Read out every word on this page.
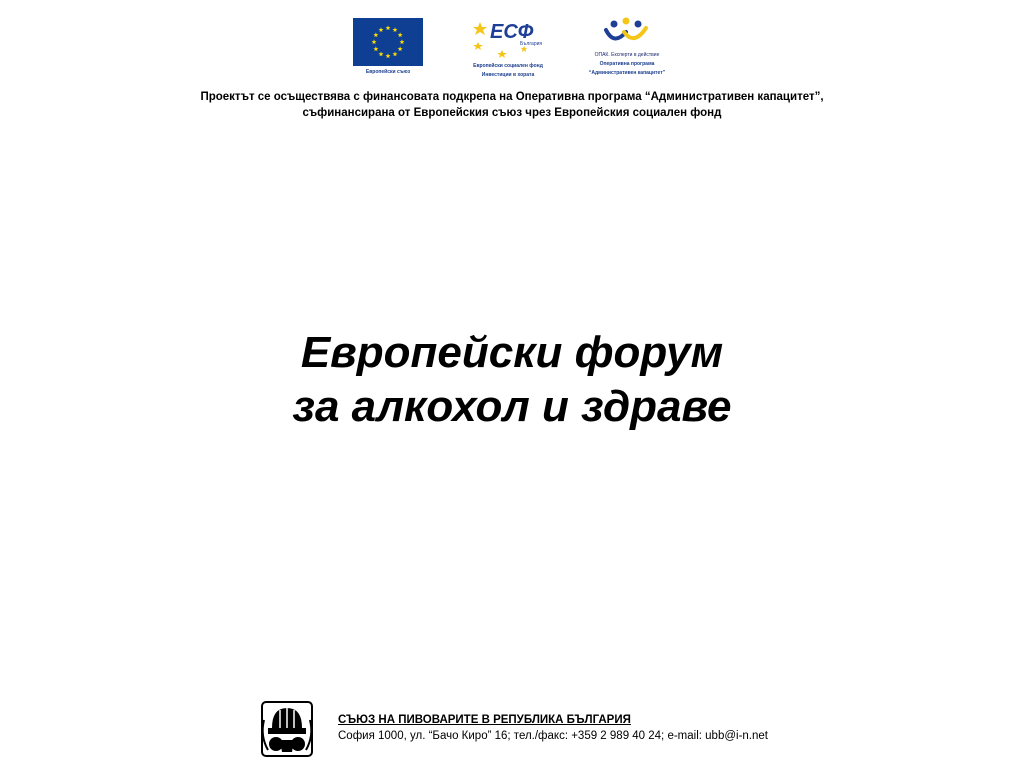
Европейски съюз
ЕСФ
България
Европейски социален фонд
Инвестиции в хората
ОПАК. Експерти в действие
Оперативна програма
“Административен капацитет”
Проектът се осъществява с финансовата подкрепа на Оперативна програма “Административен капацитет”,
съфинансирана от Европейския съюз чрез Европейския социален фонд
Европейски форум
за алкохол и здраве
СЪЮЗ НА ПИВОВАРИТЕ В РЕПУБЛИКА БЪЛГАРИЯ
София 1000, ул. “Бачо Киро” 16; тел./факс: +359 2 989 40 24; e-mail: ubb@i-n.net
